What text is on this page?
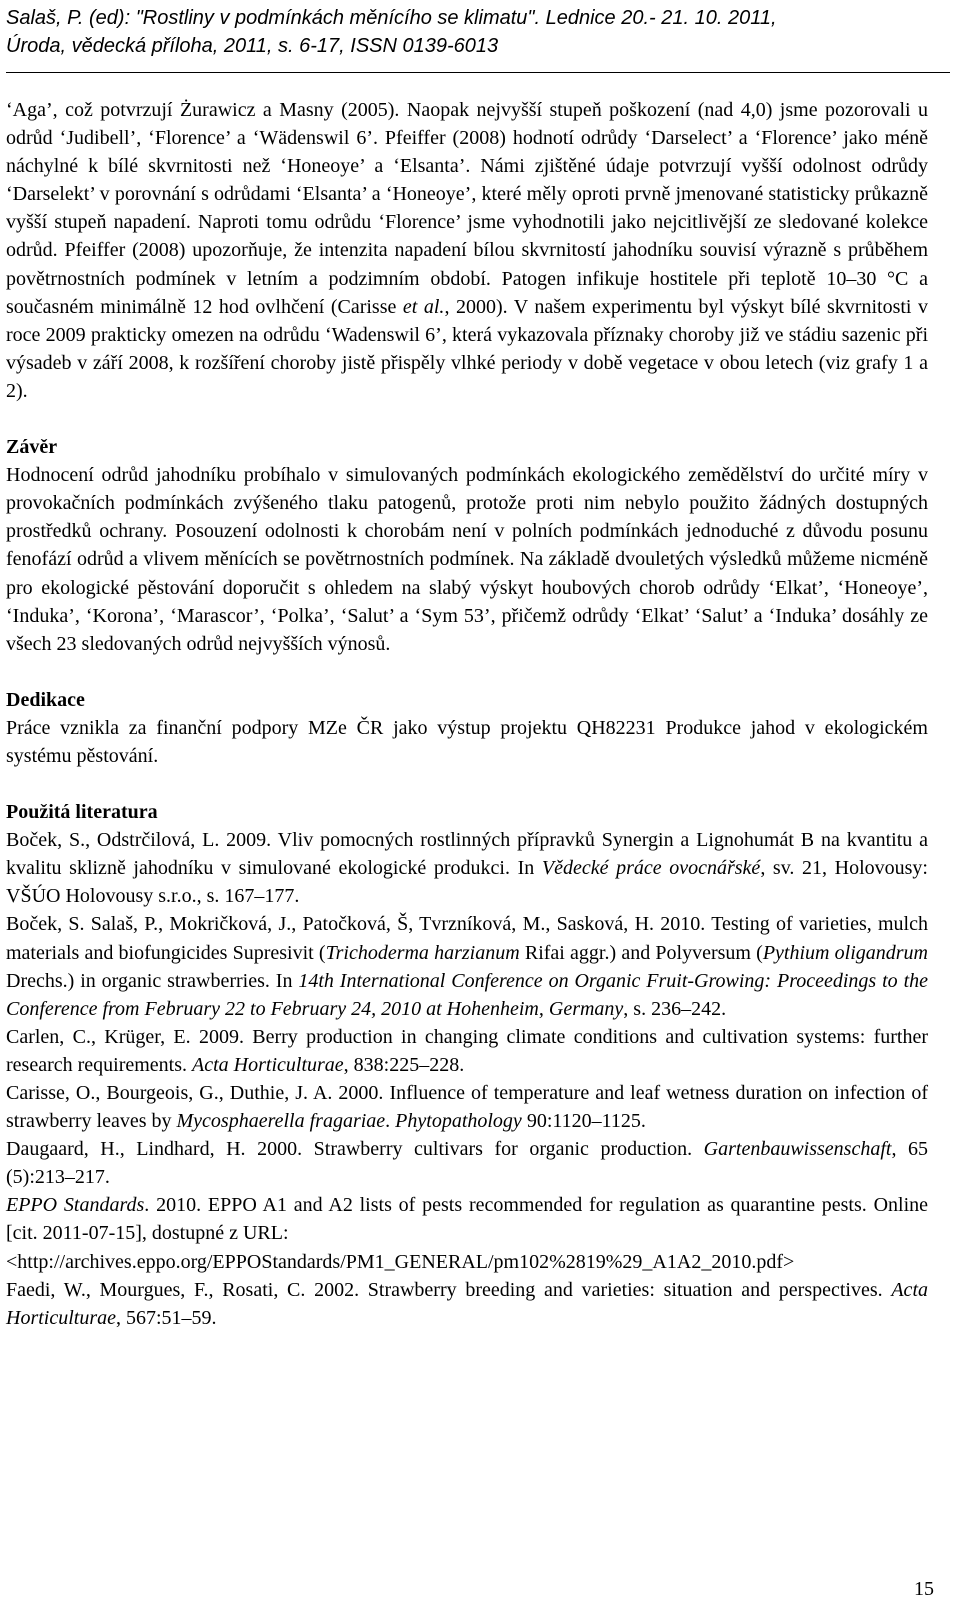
Salaš, P. (ed): "Rostliny v podmínkách měnícího se klimatu". Lednice 20.- 21. 10. 2011,
Úroda, vědecká příloha, 2011, s. 6-17, ISSN 0139-6013

‘Aga’, což potvrzují Żurawicz a Masny (2005). Naopak nejvyšší stupeň poškození (nad 4,0) jsme pozorovali u odrůd ‘Judibell’, ‘Florence’ a ‘Wädenswil 6’. Pfeiffer (2008) hodnotí odrůdy ‘Darselect’ a ‘Florence’ jako méně náchylné k bílé skvrnitosti než ‘Honeoye’ a ‘Elsanta’. Námi zjištěné údaje potvrzují vyšší odolnost odrůdy ‘Darselekt’ v porovnání s odrůdami ‘Elsanta’ a ‘Honeoye’, které měly oproti prvně jmenované statisticky průkazně vyšší stupeň napadení. Naproti tomu odrůdu ‘Florence’ jsme vyhodnotili jako nejcitlivější ze sledované kolekce odrůd. Pfeiffer (2008) upozorňuje, že intenzita napadení bílou skvrnitostí jahodníku souvisí výrazně s průběhem povětrnostních podmínek v letním a podzimním období. Patogen infikuje hostitele při teplotě 10–30 °C a současném minimálně 12 hod ovlhčení (Carisse et al., 2000). V našem experimentu byl výskyt bílé skvrnitosti v roce 2009 prakticky omezen na odrůdu ‘Wadenswil 6’, která vykazovala příznaky choroby již ve stádiu sazenic při výsadeb v září 2008, k rozšíření choroby jistě přispěly vlhké periody v době vegetace v obou letech (viz grafy 1 a 2).

Závěr

Hodnocení odrůd jahodníku probíhalo v simulovaných podmínkách ekologického zemědělství do určité míry v provokačních podmínkách zvýšeného tlaku patogenů, protože proti nim nebylo použito žádných dostupných prostředků ochrany. Posouzení odolnosti k chorobám není v polních podmínkách jednoduché z důvodu posunu fenofází odrůd a vlivem měnících se povětrnostních podmínek. Na základě dvouletých výsledků můžeme nicméně pro ekologické pěstování doporučit s ohledem na slabý výskyt houbových chorob odrůdy ‘Elkat’, ‘Honeoye’, ‘Induka’, ‘Korona’, ‘Marascor’, ‘Polka’, ‘Salut’ a ‘Sym 53’, přičemž odrůdy ‘Elkat’ ‘Salut’ a ‘Induka’ dosáhly ze všech 23 sledovaných odrůd nejvyšších výnosů.

Dedikace

Práce vznikla za finanční podpory MZe ČR jako výstup projektu QH82231 Produkce jahod v ekologickém systému pěstování.

Použitá literatura

Boček, S., Odstrčilová, L. 2009. Vliv pomocných rostlinných přípravků Synergin a Lignohumát B na kvantitu a kvalitu sklizně jahodníku v simulované ekologické produkci. In Vědecké práce ovocnářské, sv. 21, Holovousy: VŠÚO Holovousy s.r.o., s. 167–177.

Boček, S. Salaš, P., Mokričková, J., Patočková, Š, Tvrzníková, M., Sasková, H. 2010. Testing of varieties, mulch materials and biofungicides Supresivit (Trichoderma harzianum Rifai aggr.) and Polyversum (Pythium oligandrum Drechs.) in organic strawberries. In 14th International Conference on Organic Fruit-Growing: Proceedings to the Conference from February 22 to February 24, 2010 at Hohenheim, Germany, s. 236–242.

Carlen, C., Krüger, E. 2009. Berry production in changing climate conditions and cultivation systems: further research requirements. Acta Horticulturae, 838:225–228.

Carisse, O., Bourgeois, G., Duthie, J. A. 2000. Influence of temperature and leaf wetness duration on infection of strawberry leaves by Mycosphaerella fragariae. Phytopathology 90:1120–1125.

Daugaard, H., Lindhard, H. 2000. Strawberry cultivars for organic production. Gartenbauwissenschaft, 65 (5):213–217.

EPPO Standards. 2010. EPPO A1 and A2 lists of pests recommended for regulation as quarantine pests. Online [cit. 2011-07-15], dostupné z URL:
<http://archives.eppo.org/EPPOStandards/PM1_GENERAL/pm102%2819%29_A1A2_2010.pdf>

Faedi, W., Mourgues, F., Rosati, C. 2002. Strawberry breeding and varieties: situation and perspectives. Acta Horticulturae, 567:51–59.

15
